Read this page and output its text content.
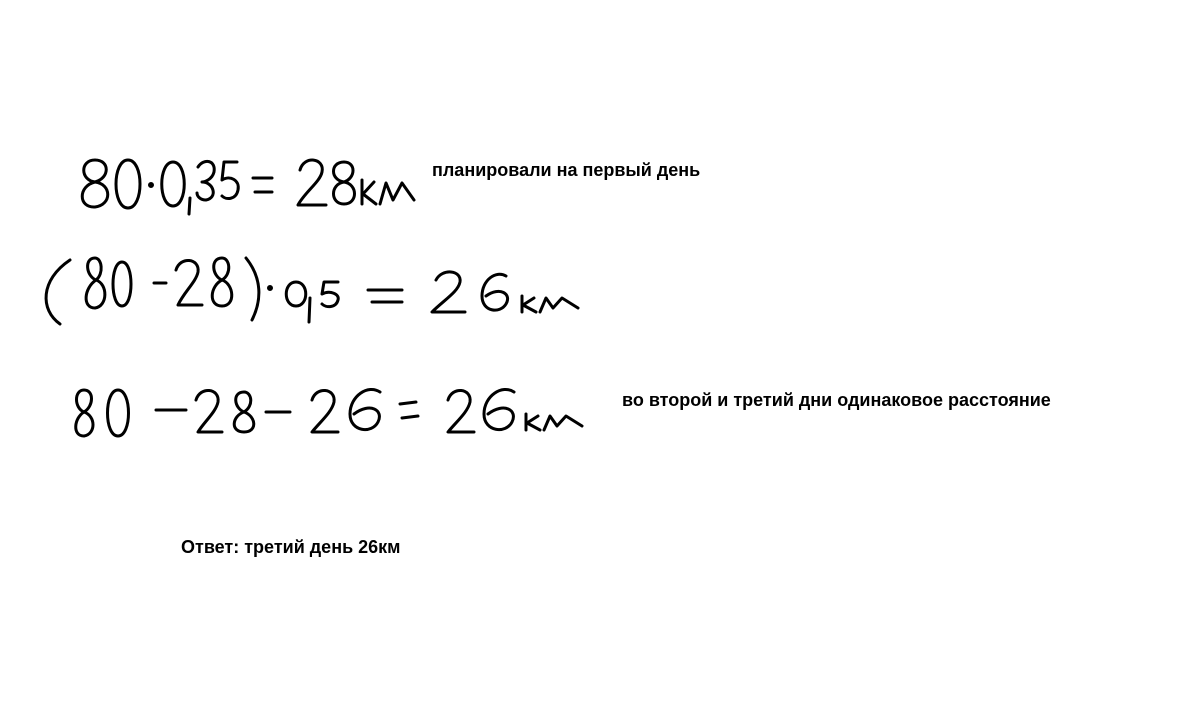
планировали на первый день
во второй и третий дни одинаковое расстояние
Ответ: третий день 26км
